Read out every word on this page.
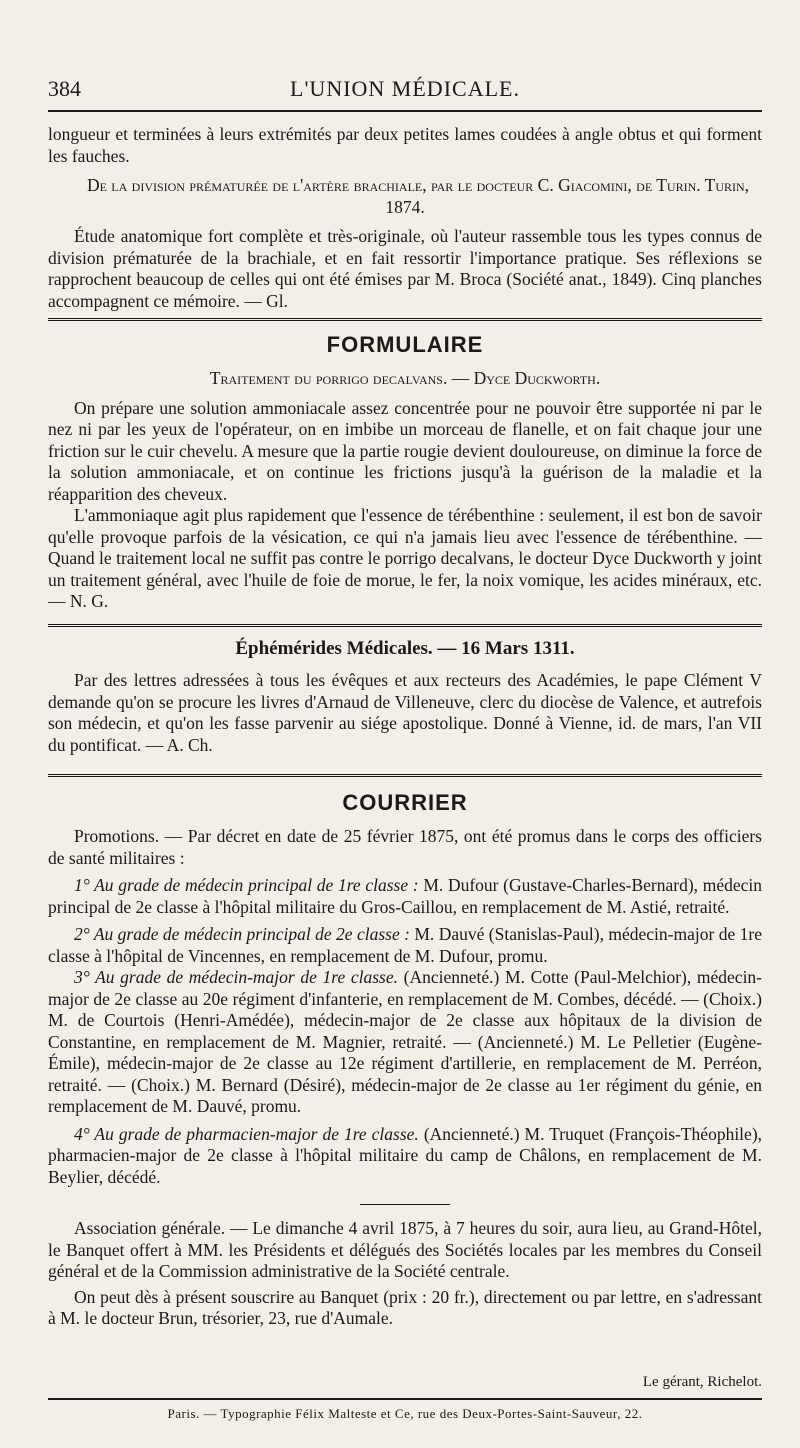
384	L'UNION MÉDICALE.

longueur et terminées à leurs extrémités par deux petites lames coudées à angle obtus et qui forment les fauches.

De la division prématurée de l'artère brachiale, par le docteur C. Giacomini, de Turin. Turin, 1874.

Étude anatomique fort complète et très-originale, où l'auteur rassemble tous les types connus de division prématurée de la brachiale, et en fait ressortir l'importance pratique. Ses réflexions se rapprochent beaucoup de celles qui ont été émises par M. Broca (Société anat., 1849). Cinq planches accompagnent ce mémoire. — Gl.

FORMULAIRE

Traitement du porrigo decalvans. — Dyce Duckworth.

On prépare une solution ammoniacale assez concentrée pour ne pouvoir être supportée ni par le nez ni par les yeux de l'opérateur, on en imbibe un morceau de flanelle, et on fait chaque jour une friction sur le cuir chevelu. A mesure que la partie rougie devient douloureuse, on diminue la force de la solution ammoniacale, et on continue les frictions jusqu'à la guérison de la maladie et la réapparition des cheveux.

L'ammoniaque agit plus rapidement que l'essence de térébenthine : seulement, il est bon de savoir qu'elle provoque parfois de la vésication, ce qui n'a jamais lieu avec l'essence de térébenthine. — Quand le traitement local ne suffit pas contre le porrigo decalvans, le docteur Dyce Duckworth y joint un traitement général, avec l'huile de foie de morue, le fer, la noix vomique, les acides minéraux, etc. — N. G.

Éphémérides Médicales. — 16 Mars 1311.

Par des lettres adressées à tous les évêques et aux recteurs des Académies, le pape Clément V demande qu'on se procure les livres d'Arnaud de Villeneuve, clerc du diocèse de Valence, et autrefois son médecin, et qu'on les fasse parvenir au siége apostolique. Donné à Vienne, id. de mars, l'an VII du pontificat. — A. Ch.

COURRIER

Promotions. — Par décret en date de 25 février 1875, ont été promus dans le corps des officiers de santé militaires :

1° Au grade de médecin principal de 1re classe : M. Dufour (Gustave-Charles-Bernard), médecin principal de 2e classe à l'hôpital militaire du Gros-Caillou, en remplacement de M. Astié, retraité.

2° Au grade de médecin principal de 2e classe : M. Dauvé (Stanislas-Paul), médecin-major de 1re classe à l'hôpital de Vincennes, en remplacement de M. Dufour, promu.

3° Au grade de médecin-major de 1re classe. (Ancienneté.) M. Cotte (Paul-Melchior), médecin-major de 2e classe au 20e régiment d'infanterie, en remplacement de M. Combes, décédé. — (Choix.) M. de Courtois (Henri-Amédée), médecin-major de 2e classe aux hôpitaux de la division de Constantine, en remplacement de M. Magnier, retraité. — (Ancienneté.) M. Le Pelletier (Eugène-Émile), médecin-major de 2e classe au 12e régiment d'artillerie, en remplacement de M. Perréon, retraité. — (Choix.) M. Bernard (Désiré), médecin-major de 2e classe au 1er régiment du génie, en remplacement de M. Dauvé, promu.

4° Au grade de pharmacien-major de 1re classe. (Ancienneté.) M. Truquet (François-Théophile), pharmacien-major de 2e classe à l'hôpital militaire du camp de Châlons, en remplacement de M. Beylier, décédé.

Association générale. — Le dimanche 4 avril 1875, à 7 heures du soir, aura lieu, au Grand-Hôtel, le Banquet offert à MM. les Présidents et délégués des Sociétés locales par les membres du Conseil général et de la Commission administrative de la Société centrale.

On peut dès à présent souscrire au Banquet (prix : 20 fr.), directement ou par lettre, en s'adressant à M. le docteur Brun, trésorier, 23, rue d'Aumale.

Le gérant, Richelot.

Paris. — Typographie Félix Malteste et Ce, rue des Deux-Portes-Saint-Sauveur, 22.
